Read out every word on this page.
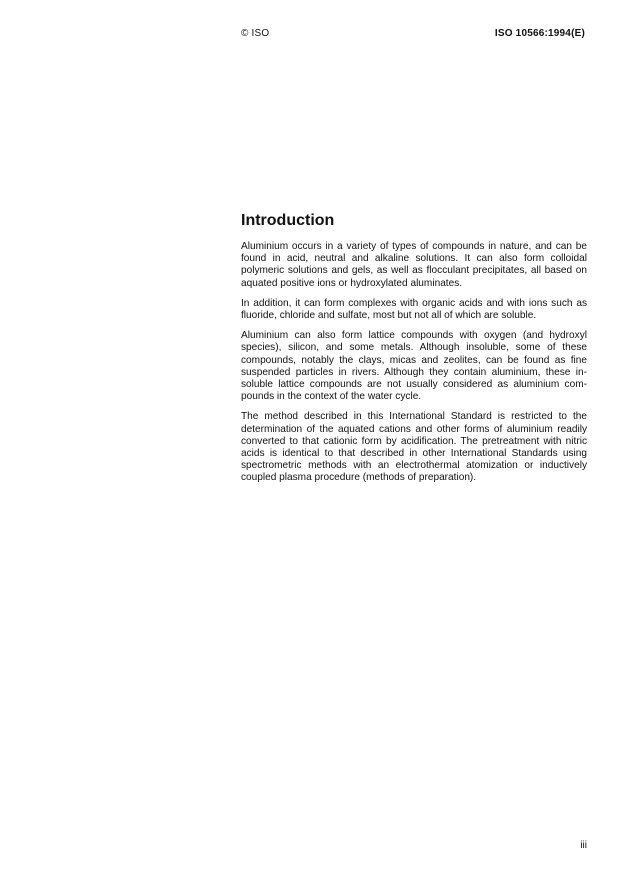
© ISO	ISO 10566:1994(E)
Introduction

Aluminium occurs in a variety of types of compounds in nature, and can be found in acid, neutral and alkaline solutions. It can also form colloidal polymeric solutions and gels, as well as flocculant precipitates, all based on aquated positive ions or hydroxylated aluminates.

In addition, it can form complexes with organic acids and with ions such as fluoride, chloride and sulfate, most but not all of which are soluble.

Aluminium can also form lattice compounds with oxygen (and hydroxyl species), silicon, and some metals. Although insoluble, some of these compounds, notably the clays, micas and zeolites, can be found as fine suspended particles in rivers. Although they contain aluminium, these insoluble lattice compounds are not usually considered as aluminium compounds in the context of the water cycle.

The method described in this International Standard is restricted to the determination of the aquated cations and other forms of aluminium readily converted to that cationic form by acidification. The pretreatment with nitric acids is identical to that described in other International Standards using spectrometric methods with an electrothermal atomization or inductively coupled plasma procedure (methods of preparation).

iii
